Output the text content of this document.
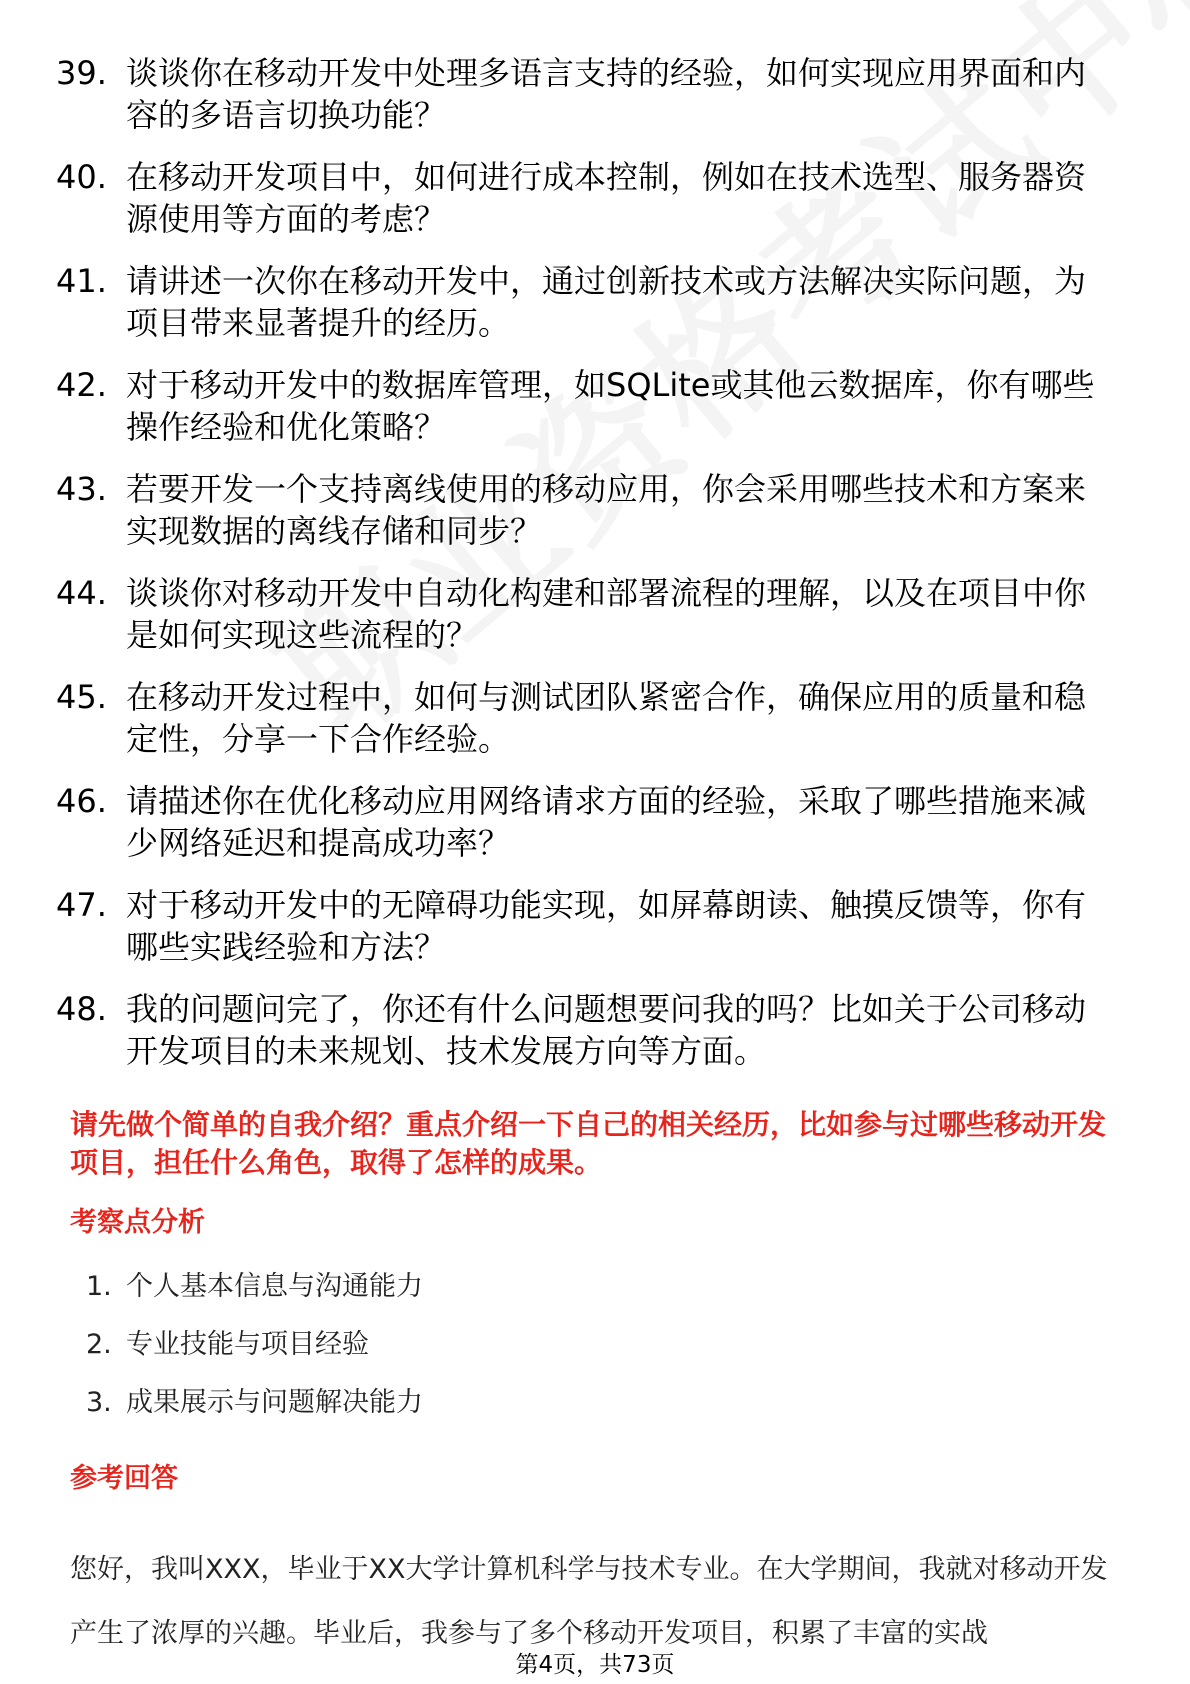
39. 谈谈你在移动开发中处理多语言支持的经验，如何实现应用界面和内容的多语言切换功能？
40. 在移动开发项目中，如何进行成本控制，例如在技术选型、服务器资源使用等方面的考虑？
41. 请讲述一次你在移动开发中，通过创新技术或方法解决实际问题，为项目带来显著提升的经历。
42. 对于移动开发中的数据库管理，如SQLite或其他云数据库，你有哪些操作经验和优化策略？
43. 若要开发一个支持离线使用的移动应用，你会采用哪些技术和方案来实现数据的离线存储和同步？
44. 谈谈你对移动开发中自动化构建和部署流程的理解，以及在项目中你是如何实现这些流程的？
45. 在移动开发过程中，如何与测试团队紧密合作，确保应用的质量和稳定性，分享一下合作经验。
46. 请描述你在优化移动应用网络请求方面的经验，采取了哪些措施来减少网络延迟和提高成功率？
47. 对于移动开发中的无障碍功能实现，如屏幕朗读、触摸反馈等，你有哪些实践经验和方法？
48. 我的问题问完了，你还有什么问题想要问我的吗？比如关于公司移动开发项目的未来规划、技术发展方向等方面。
请先做个简单的自我介绍？重点介绍一下自己的相关经历，比如参与过哪些移动开发项目，担任什么角色，取得了怎样的成果。
考察点分析
1. 个人基本信息与沟通能力
2. 专业技能与项目经验
3. 成果展示与问题解决能力
参考回答
您好，我叫XXX，毕业于XX大学计算机科学与技术专业。在大学期间，我就对移动开发产生了浓厚的兴趣。毕业后，我参与了多个移动开发项目，积累了丰富的实战
第4页，共73页
